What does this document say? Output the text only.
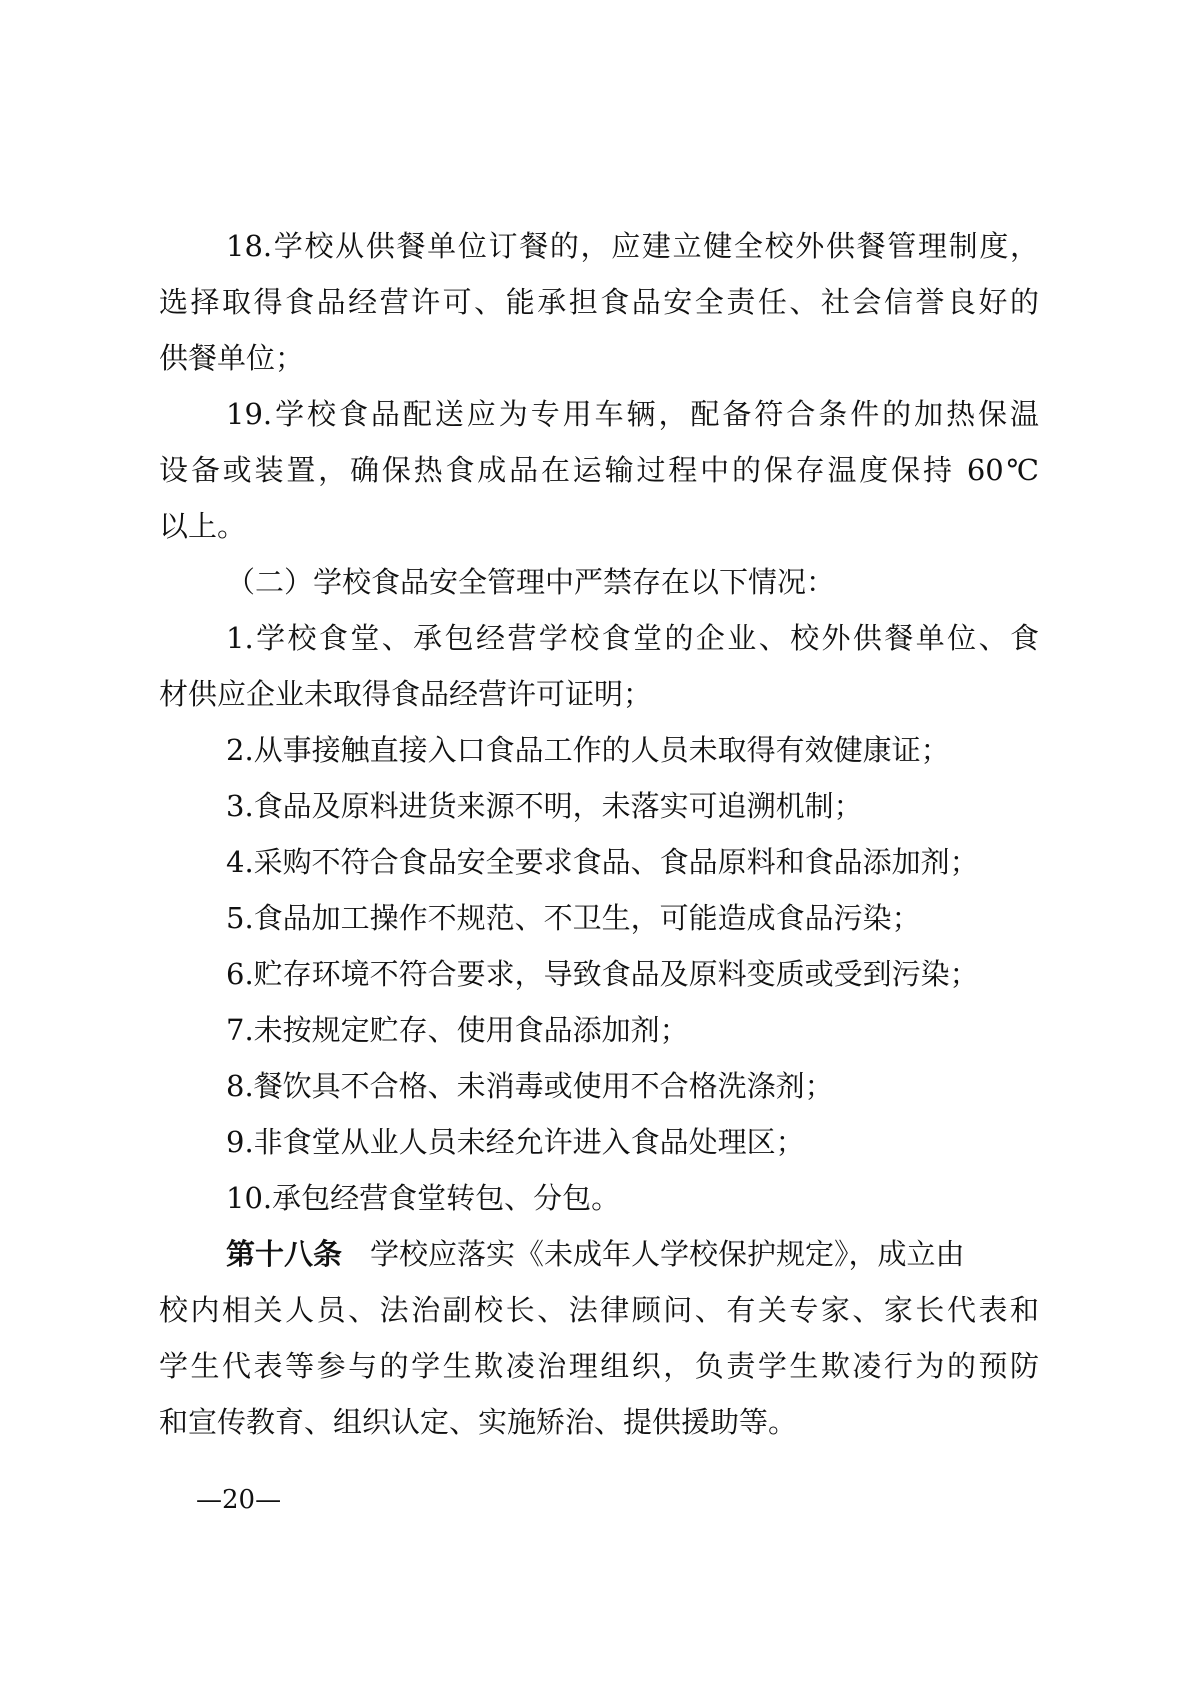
18.学校从供餐单位订餐的，应建立健全校外供餐管理制度，
选择取得食品经营许可、能承担食品安全责任、社会信誉良好的
供餐单位；
19.学校食品配送应为专用车辆，配备符合条件的加热保温
设备或装置，确保热食成品在运输过程中的保存温度保持 60℃
以上。
（二）学校食品安全管理中严禁存在以下情况：
1.学校食堂、承包经营学校食堂的企业、校外供餐单位、食
材供应企业未取得食品经营许可证明；
2.从事接触直接入口食品工作的人员未取得有效健康证；
3.食品及原料进货来源不明，未落实可追溯机制；
4.采购不符合食品安全要求食品、食品原料和食品添加剂；
5.食品加工操作不规范、不卫生，可能造成食品污染；
6.贮存环境不符合要求，导致食品及原料变质或受到污染；
7.未按规定贮存、使用食品添加剂；
8.餐饮具不合格、未消毒或使用不合格洗涤剂；
9.非食堂从业人员未经允许进入食品处理区；
10.承包经营食堂转包、分包。
第十八条 学校应落实《未成年人学校保护规定》，成立由
校内相关人员、法治副校长、法律顾问、有关专家、家长代表和
学生代表等参与的学生欺凌治理组织，负责学生欺凌行为的预防
和宣传教育、组织认定、实施矫治、提供援助等。
—20—
